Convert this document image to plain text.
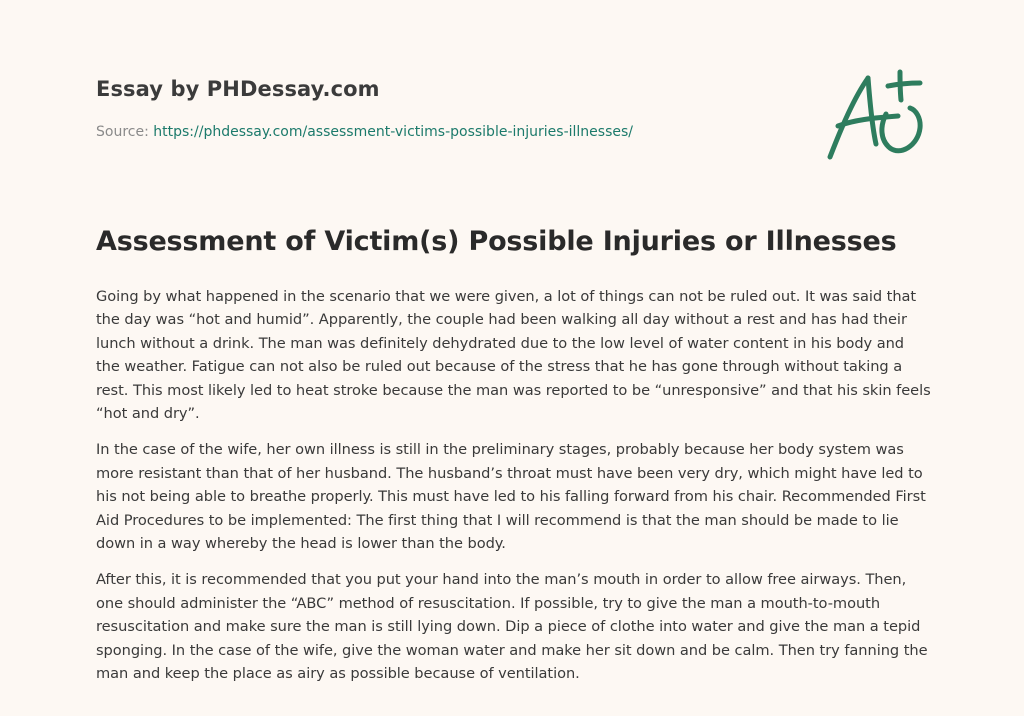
Essay by PHDessay.com
Source: https://phdessay.com/assessment-victims-possible-injuries-illnesses/
Assessment of Victim(s) Possible Injuries or Illnesses

Going by what happened in the scenario that we were given, a lot of things can not be ruled out. It was said that the day was “hot and humid”. Apparently, the couple had been walking all day without a rest and has had their lunch without a drink. The man was definitely dehydrated due to the low level of water content in his body and the weather. Fatigue can not also be ruled out because of the stress that he has gone through without taking a rest. This most likely led to heat stroke because the man was reported to be “unresponsive” and that his skin feels “hot and dry”.

In the case of the wife, her own illness is still in the preliminary stages, probably because her body system was more resistant than that of her husband. The husband’s throat must have been very dry, which might have led to his not being able to breathe properly. This must have led to his falling forward from his chair. Recommended First Aid Procedures to be implemented: The first thing that I will recommend is that the man should be made to lie down in a way whereby the head is lower than the body.

After this, it is recommended that you put your hand into the man’s mouth in order to allow free airways. Then, one should administer the “ABC” method of resuscitation. If possible, try to give the man a mouth-to-mouth resuscitation and make sure the man is still lying down. Dip a piece of clothe into water and give the man a tepid sponging. In the case of the wife, give the woman water and make her sit down and be calm. Then try fanning the man and keep the place as airy as possible because of ventilation.
